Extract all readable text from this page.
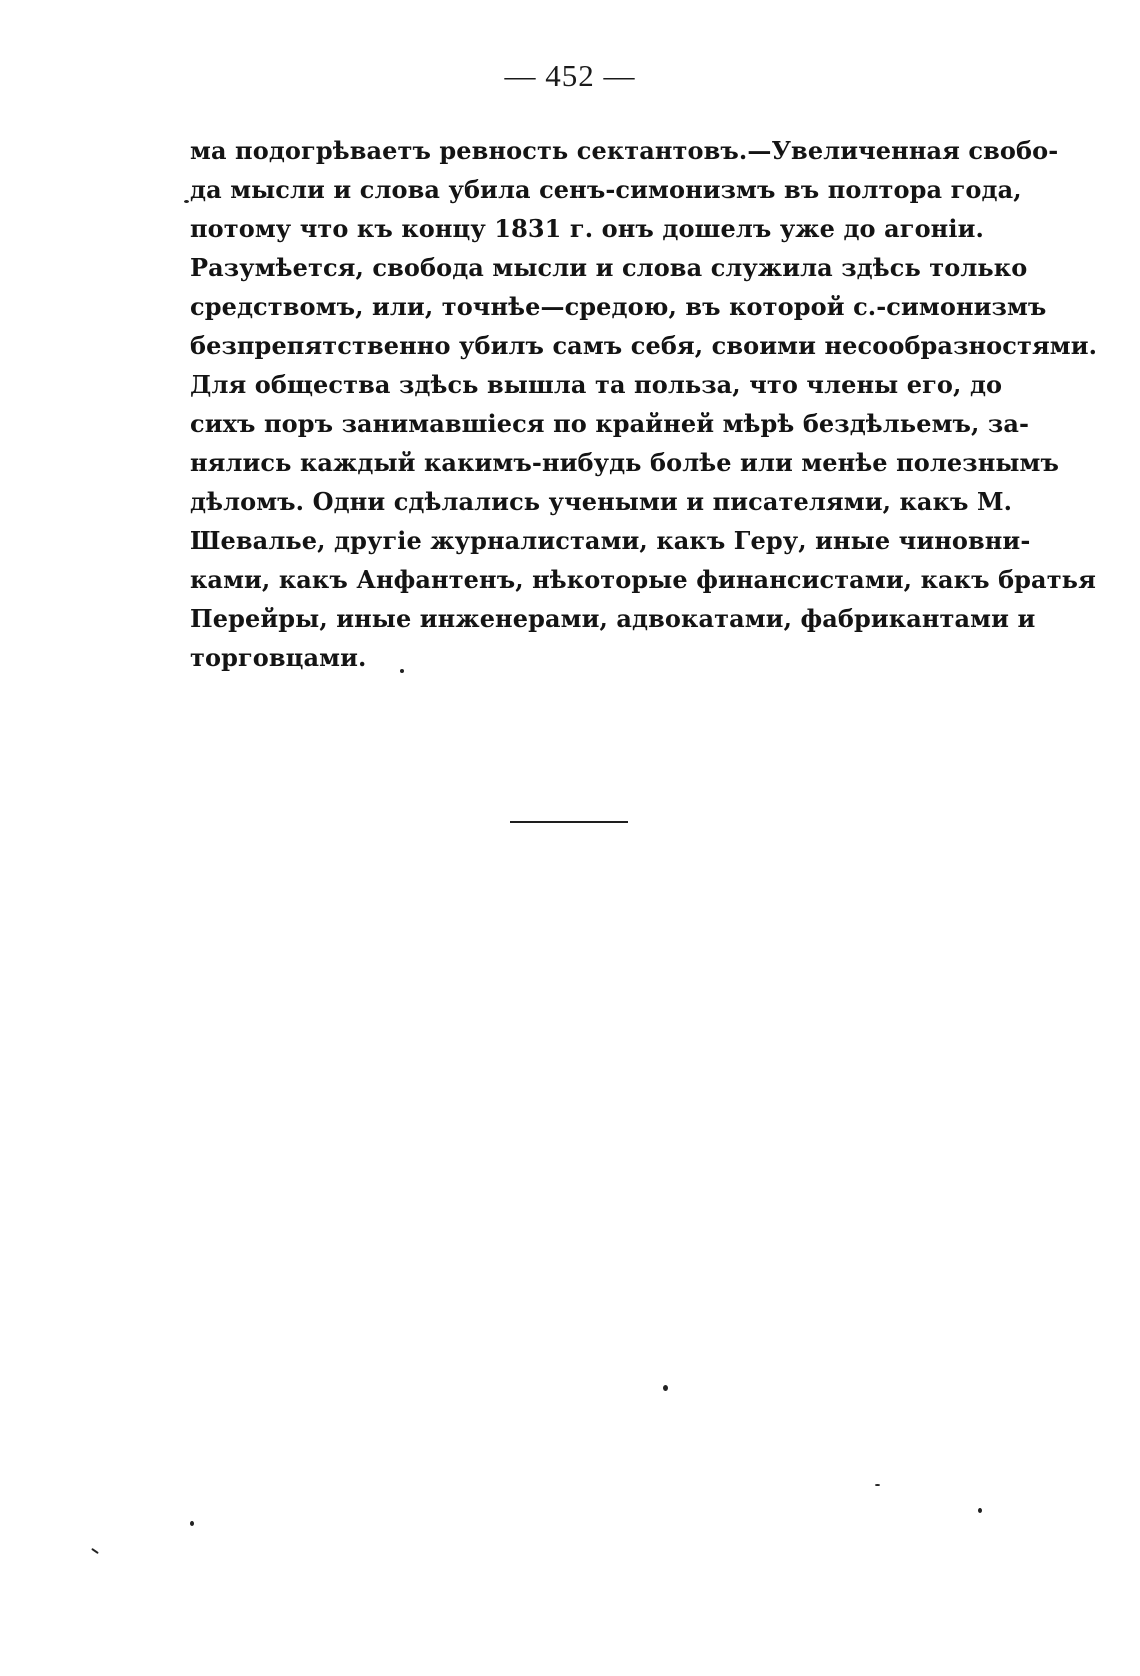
— 452 —
ма подогрѣваетъ ревность сектантовъ.—Увеличенная свобо-
да мысли и слова убила сенъ-симонизмъ въ полтора года,
потому что къ концу 1831 г. онъ дошелъ уже до агоніи.
Разумѣется, свобода мысли и слова служила здѣсь только
средствомъ, или, точнѣе—средою, въ которой с.-симонизмъ
безпрепятственно убилъ самъ себя, своими несообразностями.
Для общества здѣсь вышла та польза, что члены его, до
сихъ поръ занимавшіеся по крайней мѣрѣ бездѣльемъ, за-
нялись каждый какимъ-нибудь болѣе или менѣе полезнымъ
дѣломъ. Одни сдѣлались учеными и писателями, какъ М.
Шевалье, другіе журналистами, какъ Геру, иные чиновни-
ками, какъ Анфантенъ, нѣкоторые финансистами, какъ братья
Перейры, иные инженерами, адвокатами, фабрикантами и
торговцами.
